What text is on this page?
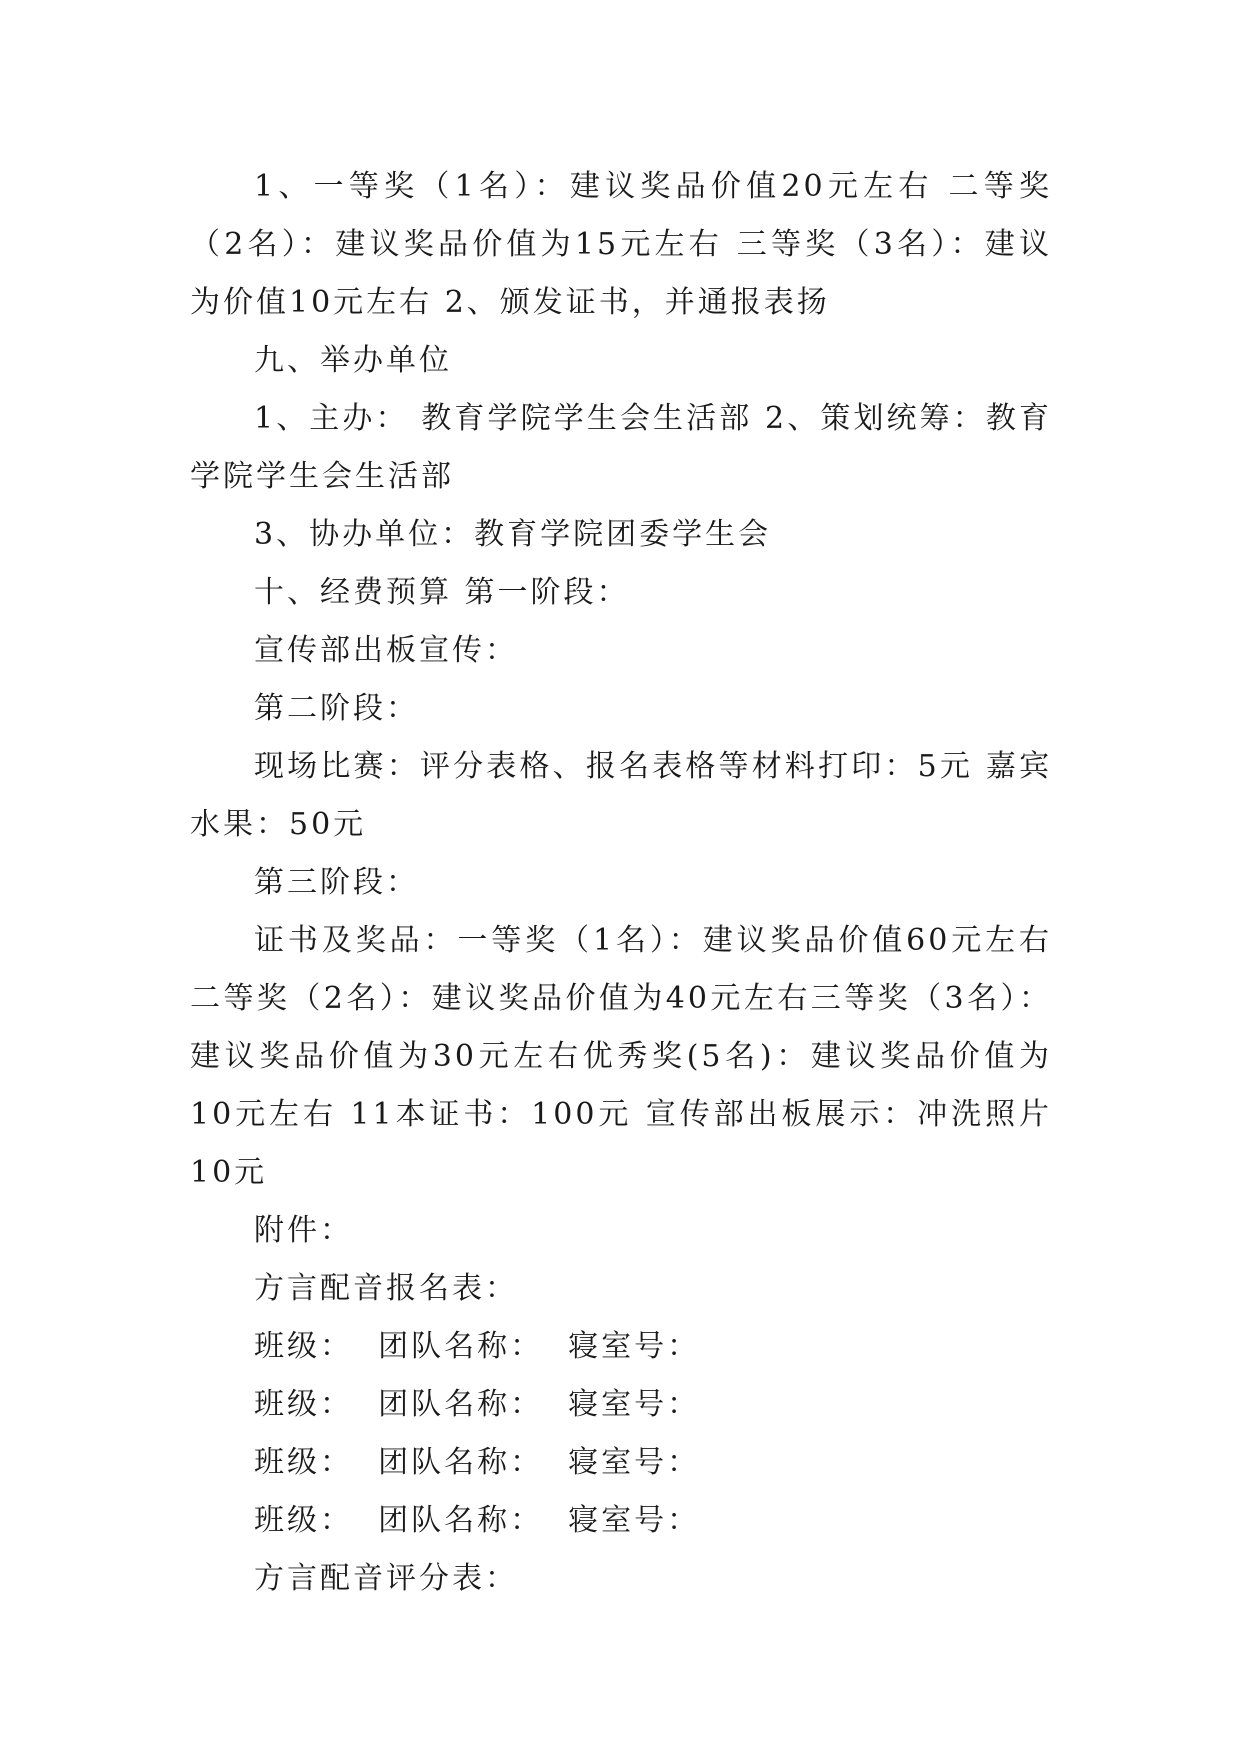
1、一等奖（1名）：建议奖品价值20元左右 二等奖（2名）：建议奖品价值为15元左右 三等奖（3名）：建议为价值10元左右 2、颁发证书，并通报表扬

九、举办单位

1、主办： 教育学院学生会生活部 2、策划统筹：教育学院学生会生活部

3、协办单位：教育学院团委学生会

十、经费预算 第一阶段：

宣传部出板宣传：

第二阶段：

现场比赛：评分表格、报名表格等材料打印：5元 嘉宾水果：50元

第三阶段：

证书及奖品：一等奖（1名）：建议奖品价值60元左右二等奖（2名）：建议奖品价值为40元左右三等奖（3名）：建议奖品价值为30元左右优秀奖(5名)：建议奖品价值为10元左右 11本证书：100元 宣传部出板展示：冲洗照片10元

附件：

方言配音报名表：

班级：  团队名称：  寝室号：

班级：  团队名称：  寝室号：

班级：  团队名称：  寝室号：

班级：  团队名称：  寝室号：

方言配音评分表：
